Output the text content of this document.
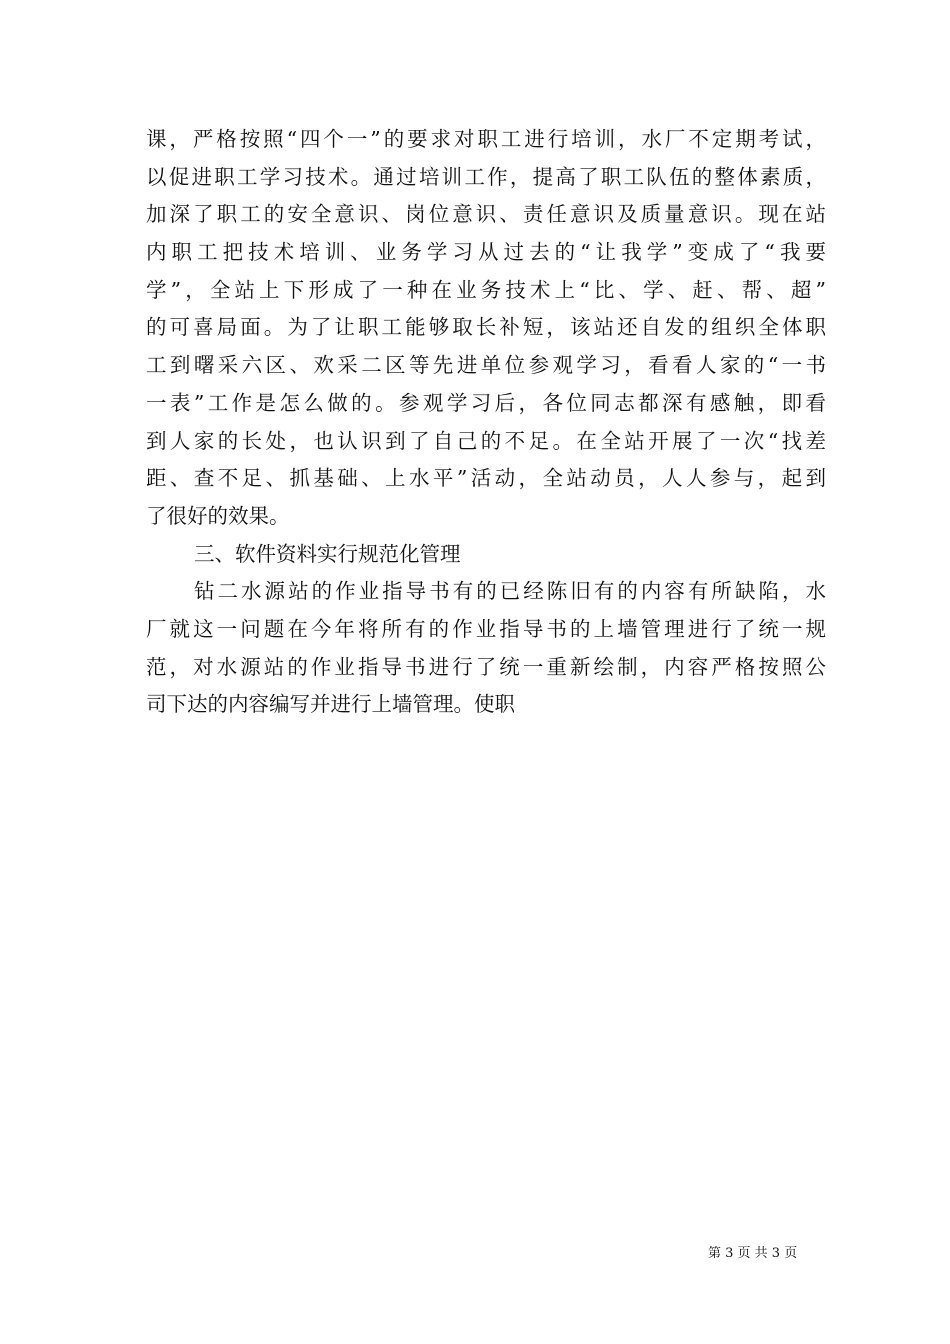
课，严格按照“四个一”的要求对职工进行培训，水厂不定期考试，
以促进职工学习技术。通过培训工作，提高了职工队伍的整体素质，
加深了职工的安全意识、岗位意识、责任意识及质量意识。现在站
内职工把技术培训、业务学习从过去的“让我学”变成了“我要
学”，全站上下形成了一种在业务技术上“比、学、赶、帮、超”
的可喜局面。为了让职工能够取长补短，该站还自发的组织全体职
工到曙采六区、欢采二区等先进单位参观学习，看看人家的“一书
一表”工作是怎么做的。参观学习后，各位同志都深有感触，即看
到人家的长处，也认识到了自己的不足。在全站开展了一次“找差
距、查不足、抓基础、上水平”活动，全站动员，人人参与，起到
了很好的效果。
三、软件资料实行规范化管理
钻二水源站的作业指导书有的已经陈旧有的内容有所缺陷，水
厂就这一问题在今年将所有的作业指导书的上墙管理进行了统一规
范，对水源站的作业指导书进行了统一重新绘制，内容严格按照公
司下达的内容编写并进行上墙管理。使职
第 3 页 共 3 页
